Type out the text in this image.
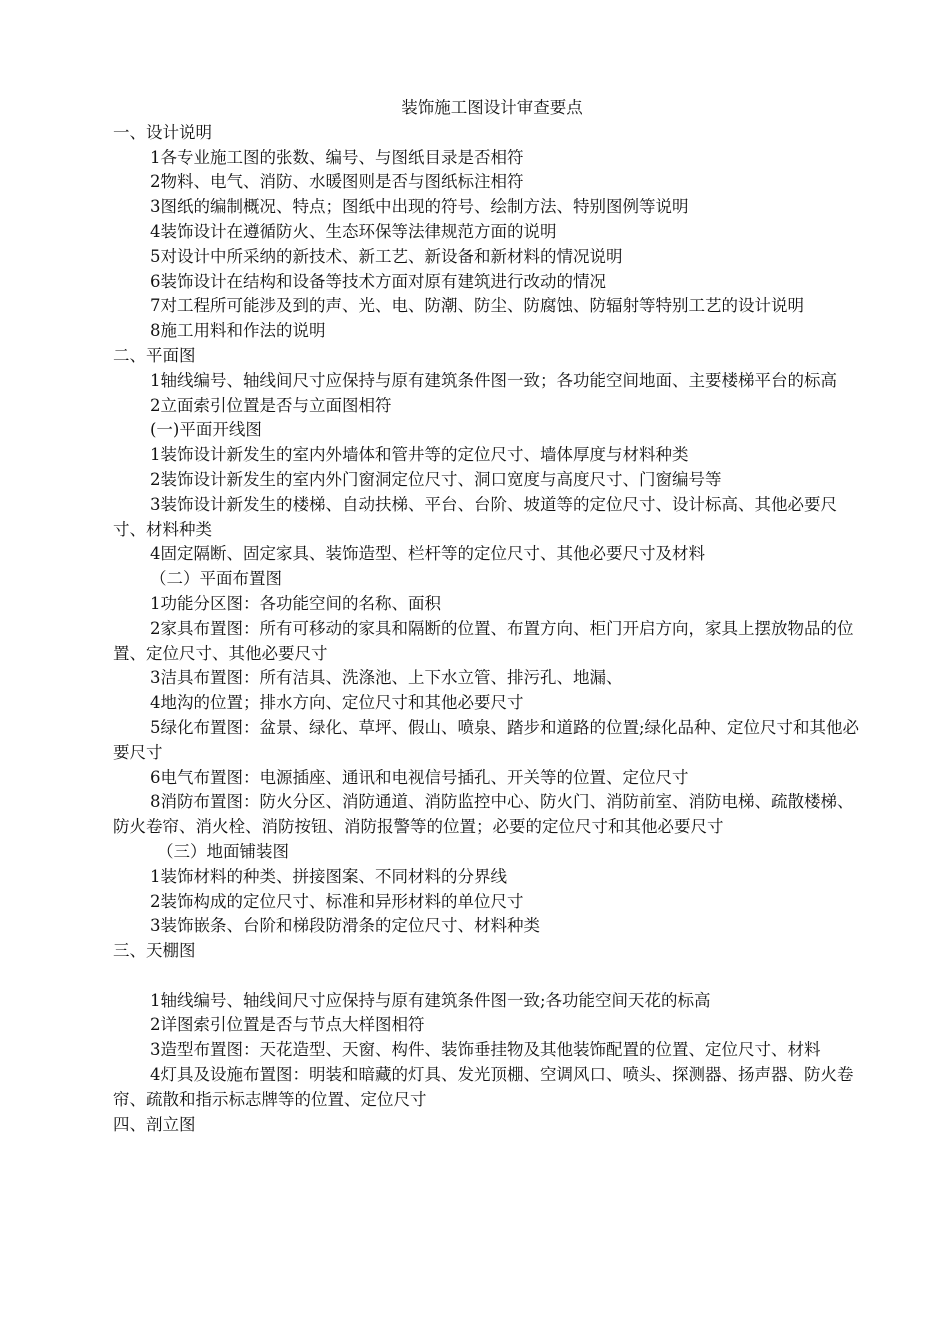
装饰施工图设计审查要点

一、设计说明

1各专业施工图的张数、编号、与图纸目录是否相符

2物料、电气、消防、水暖图则是否与图纸标注相符

3图纸的编制概况、特点；图纸中出现的符号、绘制方法、特别图例等说明

4装饰设计在遵循防火、生态环保等法律规范方面的说明

5对设计中所采纳的新技术、新工艺、新设备和新材料的情况说明

6装饰设计在结构和设备等技术方面对原有建筑进行改动的情况

7对工程所可能涉及到的声、光、电、防潮、防尘、防腐蚀、防辐射等特别工艺的设计说明

8施工用料和作法的说明

二、平面图

1轴线编号、轴线间尺寸应保持与原有建筑条件图一致；各功能空间地面、主要楼梯平台的标高

2立面索引位置是否与立面图相符

(一)平面开线图

1装饰设计新发生的室内外墙体和管井等的定位尺寸、墙体厚度与材料种类

2装饰设计新发生的室内外门窗洞定位尺寸、洞口宽度与高度尺寸、门窗编号等

3装饰设计新发生的楼梯、自动扶梯、平台、台阶、坡道等的定位尺寸、设计标高、其他必要尺寸、材料种类

4固定隔断、固定家具、装饰造型、栏杆等的定位尺寸、其他必要尺寸及材料

（二）平面布置图

1功能分区图：各功能空间的名称、面积

2家具布置图：所有可移动的家具和隔断的位置、布置方向、柜门开启方向，家具上摆放物品的位置、定位尺寸、其他必要尺寸

3洁具布置图：所有洁具、洗涤池、上下水立管、排污孔、地漏、

4地沟的位置；排水方向、定位尺寸和其他必要尺寸

5绿化布置图：盆景、绿化、草坪、假山、喷泉、踏步和道路的位置;绿化品种、定位尺寸和其他必要尺寸

6电气布置图：电源插座、通讯和电视信号插孔、开关等的位置、定位尺寸

8消防布置图：防火分区、消防通道、消防监控中心、防火门、消防前室、消防电梯、疏散楼梯、防火卷帘、消火栓、消防按钮、消防报警等的位置；必要的定位尺寸和其他必要尺寸

（三）地面铺装图

1装饰材料的种类、拼接图案、不同材料的分界线

2装饰构成的定位尺寸、标准和异形材料的单位尺寸

3装饰嵌条、台阶和梯段防滑条的定位尺寸、材料种类

三、天棚图

1轴线编号、轴线间尺寸应保持与原有建筑条件图一致;各功能空间天花的标高

2详图索引位置是否与节点大样图相符

3造型布置图：天花造型、天窗、构件、装饰垂挂物及其他装饰配置的位置、定位尺寸、材料

4灯具及设施布置图：明装和暗藏的灯具、发光顶棚、空调风口、喷头、探测器、扬声器、防火卷帘、疏散和指示标志牌等的位置、定位尺寸

四、剖立图
